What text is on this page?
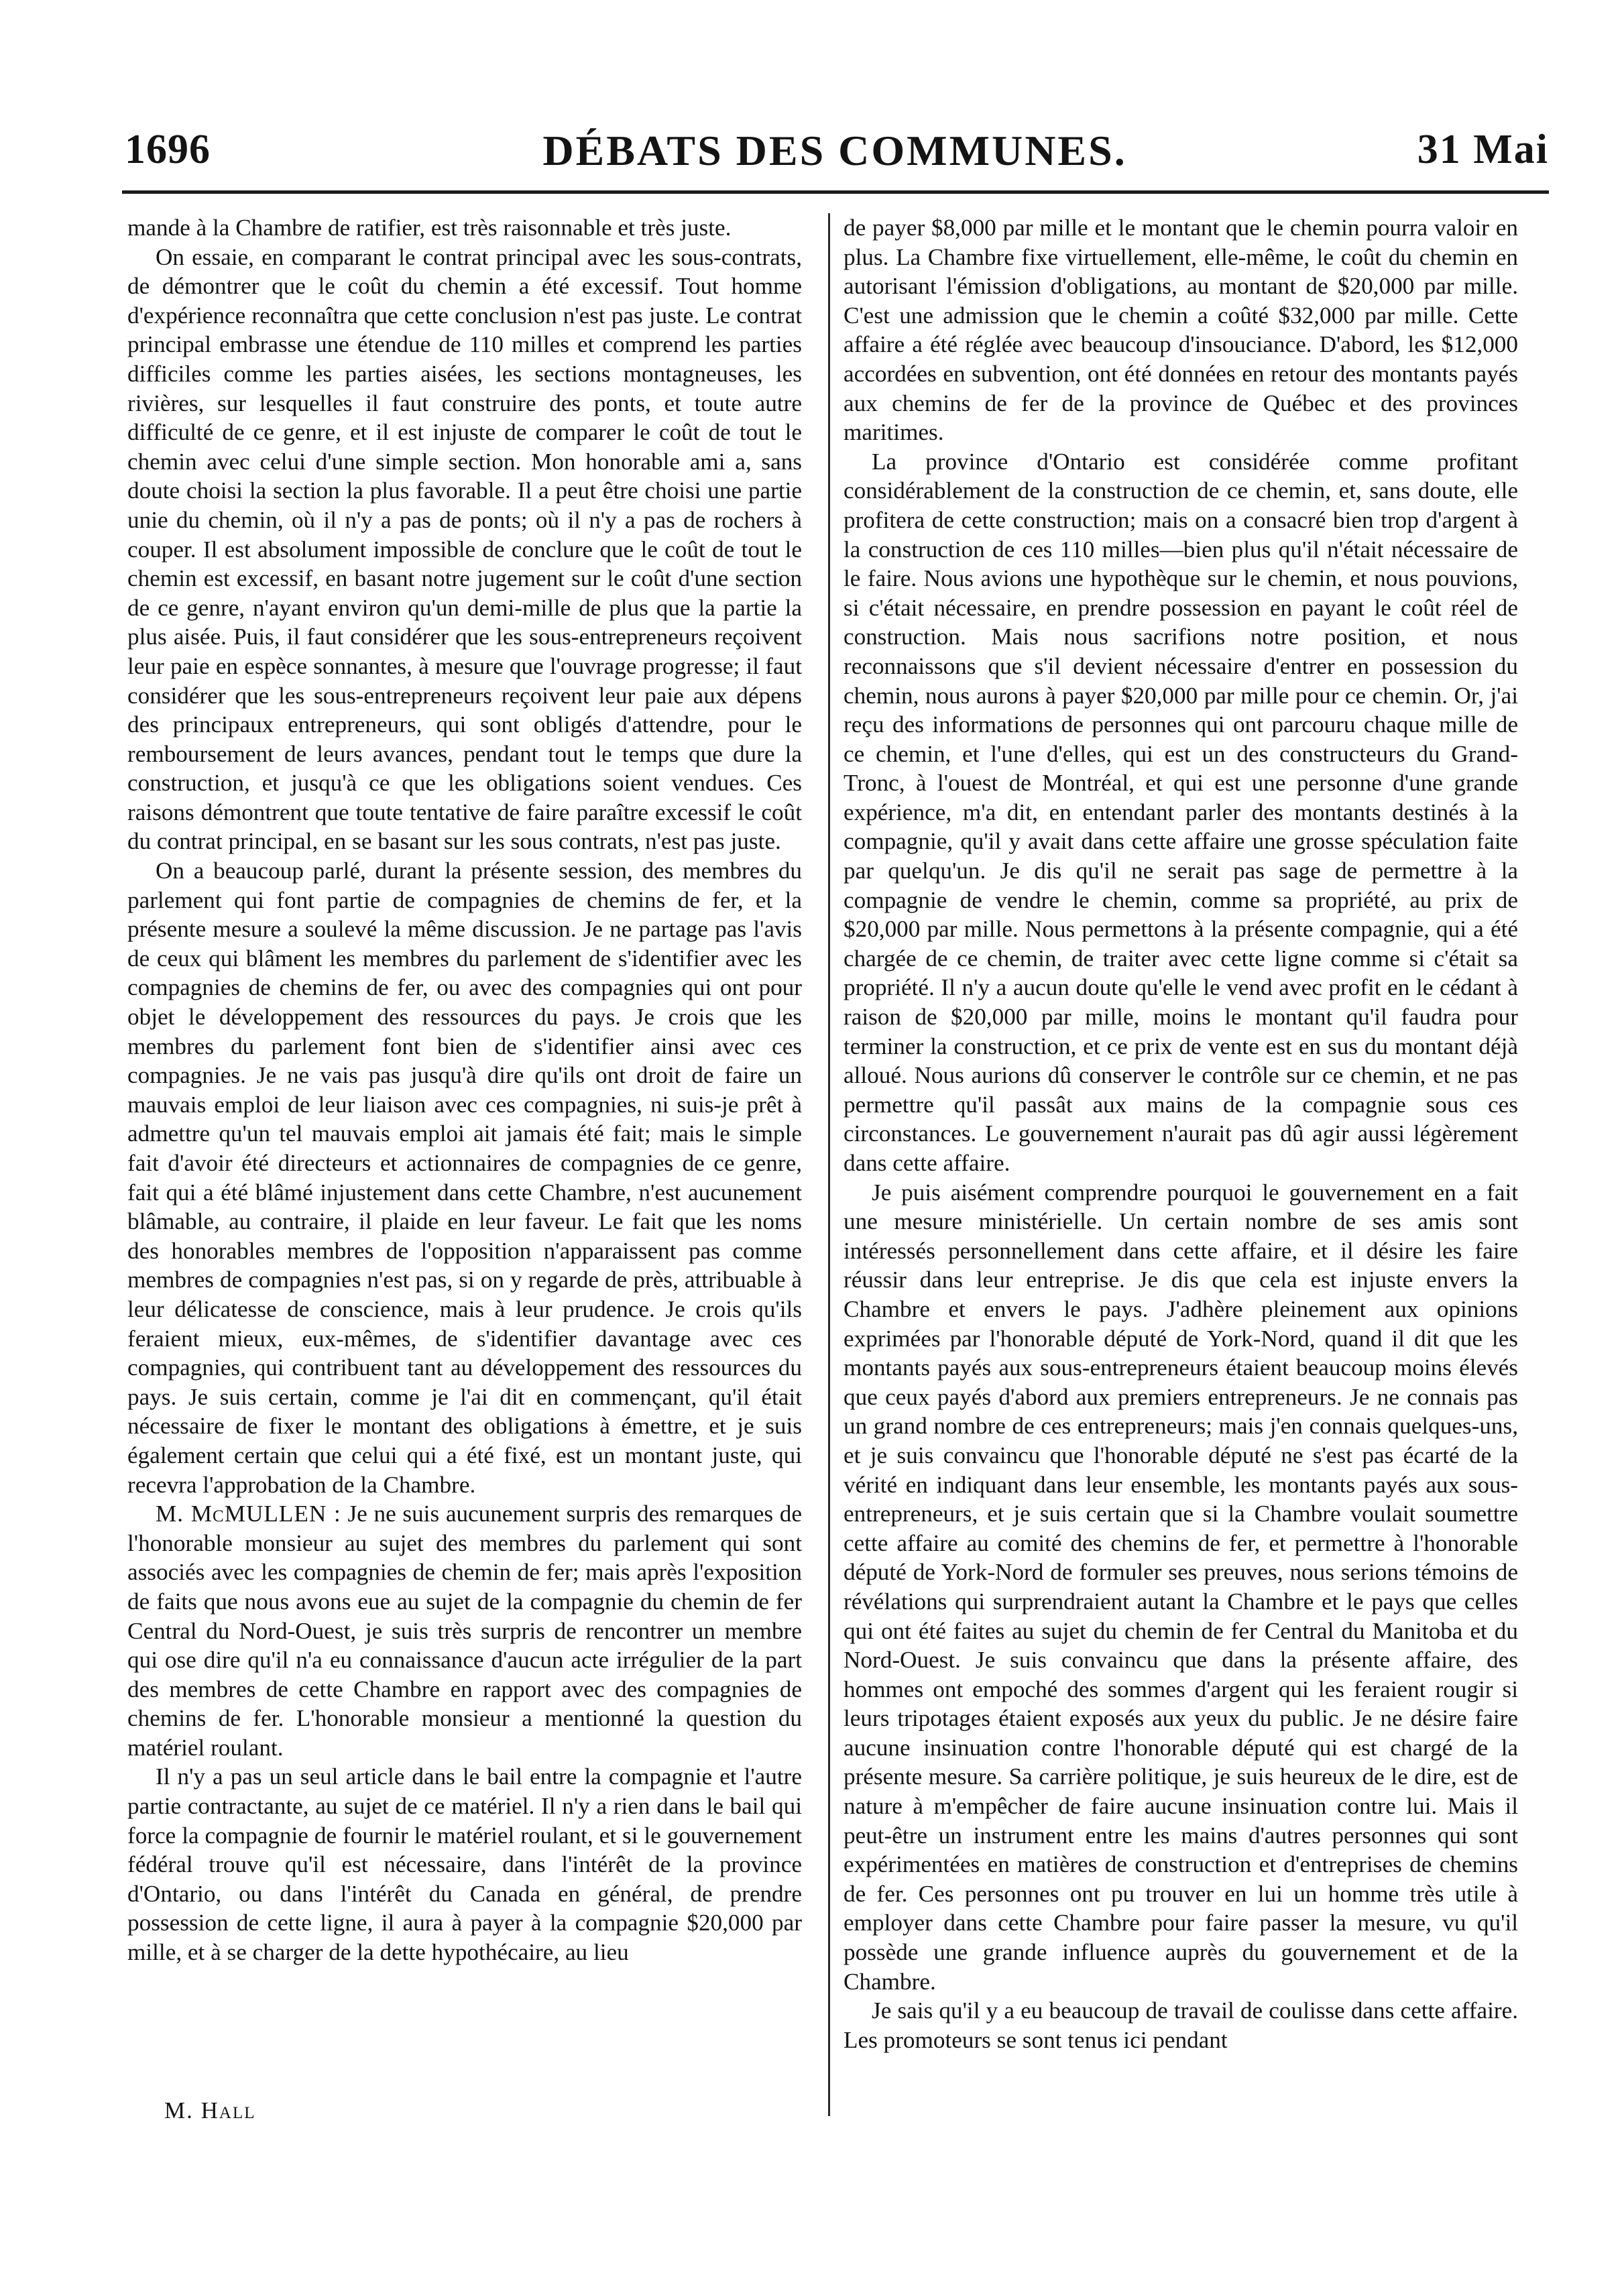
1696	DÉBATS DES COMMUNES.	31 Mai

mande à la Chambre de ratifier, est très raisonnable et très juste.

On essaie, en comparant le contrat principal avec les sous-contrats, de démontrer que le coût du chemin a été excessif. Tout homme d'expérience reconnaîtra que cette conclusion n'est pas juste. Le contrat principal embrasse une étendue de 110 milles et comprend les parties difficiles comme les parties aisées, les sections montagneuses, les rivières, sur lesquelles il faut construire des ponts, et toute autre difficulté de ce genre, et il est injuste de comparer le coût de tout le chemin avec celui d'une simple section. Mon honorable ami a, sans doute choisi la section la plus favorable. Il a peut être choisi une partie unie du chemin, où il n'y a pas de ponts; où il n'y a pas de rochers à couper. Il est absolument impossible de conclure que le coût de tout le chemin est excessif, en basant notre jugement sur le coût d'une section de ce genre, n'ayant environ qu'un demi-mille de plus que la partie la plus aisée. Puis, il faut considérer que les sous-entrepreneurs reçoivent leur paie en espèce sonnantes, à mesure que l'ouvrage progresse; il faut considérer que les sous-entrepreneurs reçoivent leur paie aux dépens des principaux entrepreneurs, qui sont obligés d'attendre, pour le remboursement de leurs avances, pendant tout le temps que dure la construction, et jusqu'à ce que les obligations soient vendues. Ces raisons démontrent que toute tentative de faire paraître excessif le coût du contrat principal, en se basant sur les sous contrats, n'est pas juste.

On a beaucoup parlé, durant la présente session, des membres du parlement qui font partie de compagnies de chemins de fer, et la présente mesure a soulevé la même discussion. Je ne partage pas l'avis de ceux qui blâment les membres du parlement de s'identifier avec les compagnies de chemins de fer, ou avec des compagnies qui ont pour objet le développement des ressources du pays. Je crois que les membres du parlement font bien de s'identifier ainsi avec ces compagnies. Je ne vais pas jusqu'à dire qu'ils ont droit de faire un mauvais emploi de leur liaison avec ces compagnies, ni suis-je prêt à admettre qu'un tel mauvais emploi ait jamais été fait; mais le simple fait d'avoir été directeurs et actionnaires de compagnies de ce genre, fait qui a été blâmé injustement dans cette Chambre, n'est aucunement blâmable, au contraire, il plaide en leur faveur. Le fait que les noms des honorables membres de l'opposition n'apparaissent pas comme membres de compagnies n'est pas, si on y regarde de près, attribuable à leur délicatesse de conscience, mais à leur prudence. Je crois qu'ils feraient mieux, eux-mêmes, de s'identifier davantage avec ces compagnies, qui contribuent tant au développement des ressources du pays. Je suis certain, comme je l'ai dit en commençant, qu'il était nécessaire de fixer le montant des obligations à émettre, et je suis également certain que celui qui a été fixé, est un montant juste, qui recevra l'approbation de la Chambre.

M. McMULLEN : Je ne suis aucunement surpris des remarques de l'honorable monsieur au sujet des membres du parlement qui sont associés avec les compagnies de chemin de fer; mais après l'exposition de faits que nous avons eue au sujet de la compagnie du chemin de fer Central du Nord-Ouest, je suis très surpris de rencontrer un membre qui ose dire qu'il n'a eu connaissance d'aucun acte irrégulier de la part des membres de cette Chambre en rapport avec des compagnies de chemins de fer. L'honorable monsieur a mentionné la question du matériel roulant.

Il n'y a pas un seul article dans le bail entre la compagnie et l'autre partie contractante, au sujet de ce matériel. Il n'y a rien dans le bail qui force la compagnie de fournir le matériel roulant, et si le gouvernement fédéral trouve qu'il est nécessaire, dans l'intérêt de la province d'Ontario, ou dans l'intérêt du Canada en général, de prendre possession de cette ligne, il aura à payer à la compagnie $20,000 par mille, et à se charger de la dette hypothécaire, au lieu

de payer $8,000 par mille et le montant que le chemin pourra valoir en plus. La Chambre fixe virtuellement, elle-même, le coût du chemin en autorisant l'émission d'obligations, au montant de $20,000 par mille. C'est une admission que le chemin a coûté $32,000 par mille. Cette affaire a été réglée avec beaucoup d'insouciance. D'abord, les $12,000 accordées en subvention, ont été données en retour des montants payés aux chemins de fer de la province de Québec et des provinces maritimes.

La province d'Ontario est considérée comme profitant considérablement de la construction de ce chemin, et, sans doute, elle profitera de cette construction; mais on a consacré bien trop d'argent à la construction de ces 110 milles—bien plus qu'il n'était nécessaire de le faire. Nous avions une hypothèque sur le chemin, et nous pouvions, si c'était nécessaire, en prendre possession en payant le coût réel de construction. Mais nous sacrifions notre position, et nous reconnaissons que s'il devient nécessaire d'entrer en possession du chemin, nous aurons à payer $20,000 par mille pour ce chemin. Or, j'ai reçu des informations de personnes qui ont parcouru chaque mille de ce chemin, et l'une d'elles, qui est un des constructeurs du Grand-Tronc, à l'ouest de Montréal, et qui est une personne d'une grande expérience, m'a dit, en entendant parler des montants destinés à la compagnie, qu'il y avait dans cette affaire une grosse spéculation faite par quelqu'un. Je dis qu'il ne serait pas sage de permettre à la compagnie de vendre le chemin, comme sa propriété, au prix de $20,000 par mille. Nous permettons à la présente compagnie, qui a été chargée de ce chemin, de traiter avec cette ligne comme si c'était sa propriété. Il n'y a aucun doute qu'elle le vend avec profit en le cédant à raison de $20,000 par mille, moins le montant qu'il faudra pour terminer la construction, et ce prix de vente est en sus du montant déjà alloué. Nous aurions dû conserver le contrôle sur ce chemin, et ne pas permettre qu'il passât aux mains de la compagnie sous ces circonstances. Le gouvernement n'aurait pas dû agir aussi légèrement dans cette affaire.

Je puis aisément comprendre pourquoi le gouvernement en a fait une mesure ministérielle. Un certain nombre de ses amis sont intéressés personnellement dans cette affaire, et il désire les faire réussir dans leur entreprise. Je dis que cela est injuste envers la Chambre et envers le pays. J'adhère pleinement aux opinions exprimées par l'honorable député de York-Nord, quand il dit que les montants payés aux sous-entrepreneurs étaient beaucoup moins élevés que ceux payés d'abord aux premiers entrepreneurs. Je ne connais pas un grand nombre de ces entrepreneurs; mais j'en connais quelques-uns, et je suis convaincu que l'honorable député ne s'est pas écarté de la vérité en indiquant dans leur ensemble, les montants payés aux sous-entrepreneurs, et je suis certain que si la Chambre voulait soumettre cette affaire au comité des chemins de fer, et permettre à l'honorable député de York-Nord de formuler ses preuves, nous serions témoins de révélations qui surprendraient autant la Chambre et le pays que celles qui ont été faites au sujet du chemin de fer Central du Manitoba et du Nord-Ouest. Je suis convaincu que dans la présente affaire, des hommes ont empoché des sommes d'argent qui les feraient rougir si leurs tripotages étaient exposés aux yeux du public. Je ne désire faire aucune insinuation contre l'honorable député qui est chargé de la présente mesure. Sa carrière politique, je suis heureux de le dire, est de nature à m'empêcher de faire aucune insinuation contre lui. Mais il peut-être un instrument entre les mains d'autres personnes qui sont expérimentées en matières de construction et d'entreprises de chemins de fer. Ces personnes ont pu trouver en lui un homme très utile à employer dans cette Chambre pour faire passer la mesure, vu qu'il possède une grande influence auprès du gouvernement et de la Chambre.

Je sais qu'il y a eu beaucoup de travail de coulisse dans cette affaire. Les promoteurs se sont tenus ici pendant

M. Hall
